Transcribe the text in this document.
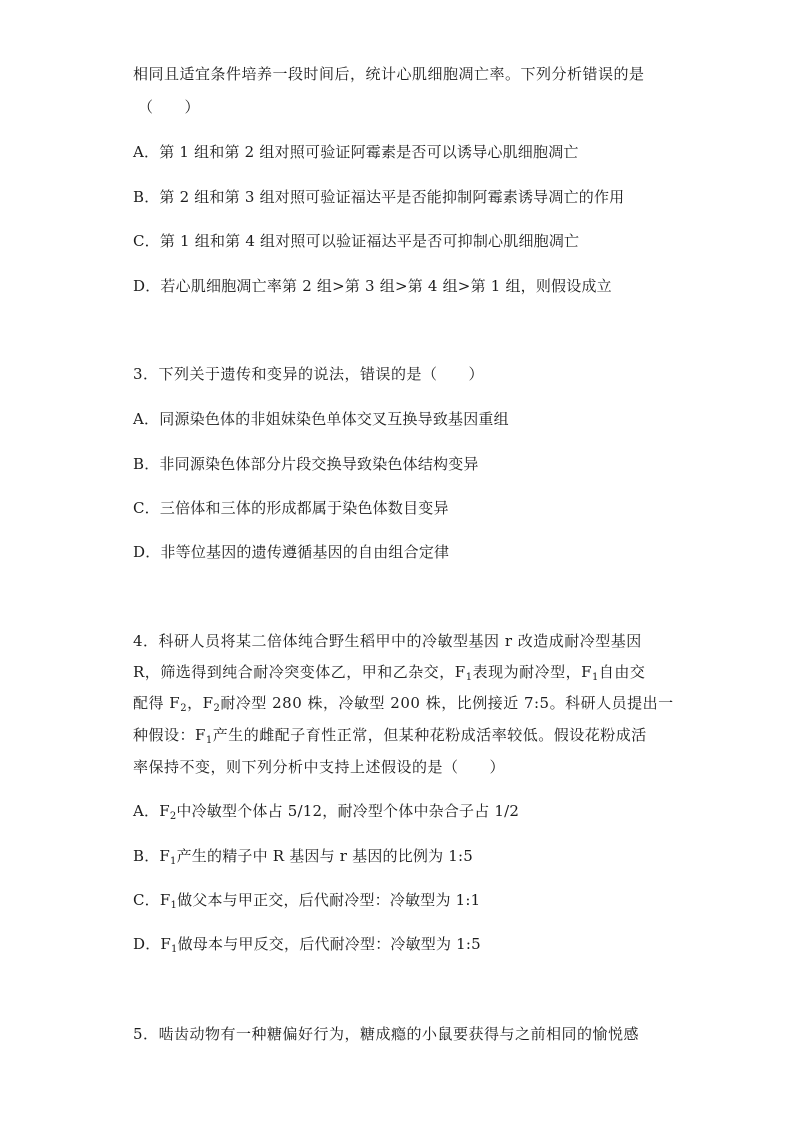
相同且适宜条件培养一段时间后，统计心肌细胞凋亡率。下列分析错误的是
（　　）
A．第 1 组和第 2 组对照可验证阿霉素是否可以诱导心肌细胞凋亡
B．第 2 组和第 3 组对照可验证福达平是否能抑制阿霉素诱导凋亡的作用
C．第 1 组和第 4 组对照可以验证福达平是否可抑制心肌细胞凋亡
D．若心肌细胞凋亡率第 2 组>第 3 组>第 4 组>第 1 组，则假设成立
3．下列关于遗传和变异的说法，错误的是（　　）
A．同源染色体的非姐妹染色单体交叉互换导致基因重组
B．非同源染色体部分片段交换导致染色体结构变异
C．三倍体和三体的形成都属于染色体数目变异
D．非等位基因的遗传遵循基因的自由组合定律
4．科研人员将某二倍体纯合野生稻甲中的冷敏型基因 r 改造成耐冷型基因
R，筛选得到纯合耐冷突变体乙，甲和乙杂交，$F_1$表现为耐冷型，$F_1$自由交
配得 $F_2$，$F_2$耐冷型 280 株，冷敏型 200 株，比例接近 7:5。科研人员提出一
种假设：$F_1$产生的雌配子育性正常，但某种花粉成活率较低。假设花粉成活
率保持不变，则下列分析中支持上述假设的是（　　）
A．$F_2$中冷敏型个体占 5/12，耐冷型个体中杂合子占 1/2
B．$F_1$产生的精子中 R 基因与 r 基因的比例为 1:5
C．$F_1$做父本与甲正交，后代耐冷型：冷敏型为 1:1
D．$F_1$做母本与甲反交，后代耐冷型：冷敏型为 1:5
5．啮齿动物有一种糖偏好行为，糖成瘾的小鼠要获得与之前相同的愉悦感
